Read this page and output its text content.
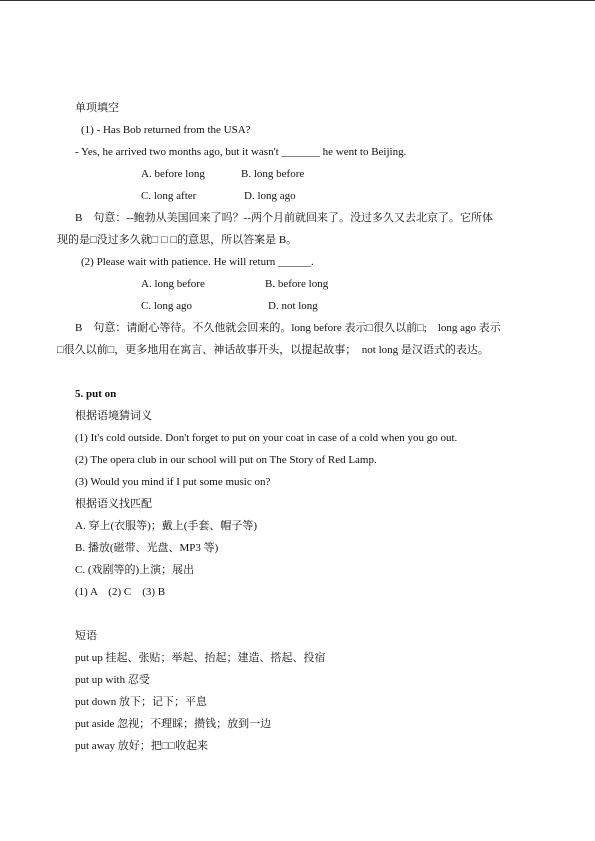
单项填空
(1) - Has Bob returned from the USA?
- Yes, he arrived two months ago, but it wasn't _______ he went to Beijing.
A. before long	B. long before
C. long after	D. long ago
B　句意：--鲍勃从美国回来了吗？--两个月前就回来了。没过多久又去北京了。它所体
现的是□没过多久就□ □ □的意思，所以答案是 B。
(2) Please wait with patience. He will return ______.
A. long before	B. before long
C. long ago	D. not long
B　句意：请耐心等待。不久他就会回来的。long before 表示□很久以前□;　long ago 表示
□很久以前□，更多地用在寓言、神话故事开头，以提起故事；　not long 是汉语式的表达。
5. put on
根据语境猜词义
(1) It's cold outside. Don't forget to put on your coat in case of a cold when you go out.
(2) The opera club in our school will put on The Story of Red Lamp.
(3) Would you mind if I put some music on?
根据语义找匹配
A. 穿上(衣服等)；戴上(手套、帽子等)
B. 播放(磁带、光盘、MP3 等)
C. (戏剧等的)上演；展出
(1) A　(2) C　(3) B
短语
put up 挂起、张贴；举起、抬起；建造、搭起、投宿
put up with 忍受
put down 放下；记下；平息
put aside 忽视；不理睬；攒钱；放到一边
put away 放好；把□□收起来
